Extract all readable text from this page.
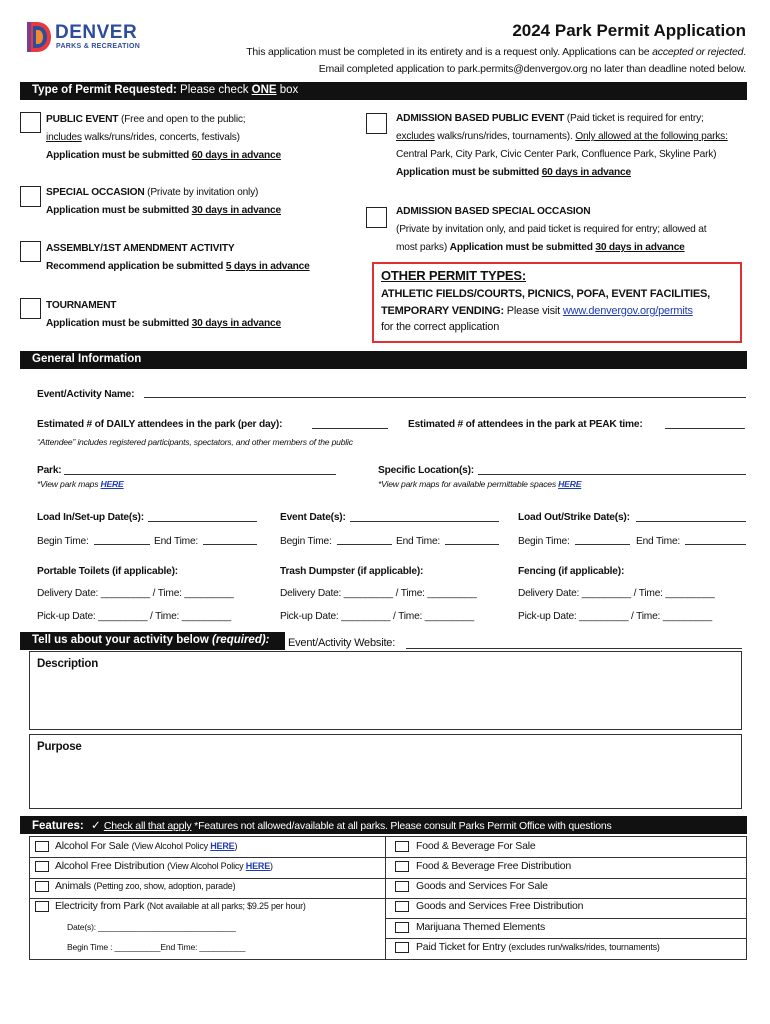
DENVER
PARKS & RECREATION
2024 Park Permit Application
This application must be completed in its entirety and is a request only. Applications can be accepted or rejected.
Email completed application to park.permits@denvergov.org no later than deadline noted below.
Type of Permit Requested: Please check ONE box
PUBLIC EVENT (Free and open to the public;
includes walks/runs/rides, concerts, festivals)
Application must be submitted 60 days in advance
SPECIAL OCCASION (Private by invitation only)
Application must be submitted 30 days in advance
ASSEMBLY/1ST AMENDMENT ACTIVITY
Recommend application be submitted 5 days in advance
TOURNAMENT
Application must be submitted 30 days in advance
ADMISSION BASED PUBLIC EVENT (Paid ticket is required for entry;
excludes walks/runs/rides, tournaments). Only allowed at the following parks:
Central Park, City Park, Civic Center Park, Confluence Park, Skyline Park)
Application must be submitted 60 days in advance
ADMISSION BASED SPECIAL OCCASION
(Private by invitation only, and paid ticket is required for entry; allowed at
most parks) Application must be submitted 30 days in advance
OTHER PERMIT TYPES:
ATHLETIC FIELDS/COURTS, PICNICS, POFA, EVENT FACILITIES,
TEMPORARY VENDING: Please visit www.denvergov.org/permits
for the correct application
General Information
Event/Activity Name:
Estimated # of DAILY attendees in the park (per day):	Estimated # of attendees in the park at PEAK time:
“Attendee” includes registered participants, spectators, and other members of the public
Park:
*View park maps HERE
Specific Location(s):
*View park maps for available permittable spaces HERE
Load In/Set-up Date(s):	Event Date(s):	Load Out/Strike Date(s):
Begin Time:	End Time:	Begin Time:	End Time:	Begin Time:	End Time:
Portable Toilets (if applicable):	Trash Dumpster (if applicable):	Fencing (if applicable):
Delivery Date: _________ / Time: _________	Delivery Date: _________ / Time: _________	Delivery Date: _________ / Time: _________
Pick-up Date: _________ / Time: _________	Pick-up Date: _________ / Time: _________	Pick-up Date: _________ / Time: _________
Tell us about your activity below (required):	Event/Activity Website:
Description
Purpose
Features: ✓ Check all that apply *Features not allowed/available at all parks. Please consult Parks Permit Office with questions
Alcohol For Sale (View Alcohol Policy HERE)
Alcohol Free Distribution (View Alcohol Policy HERE)
Animals (Petting zoo, show, adoption, parade)
Electricity from Park (Not available at all parks; $9.25 per hour)
Date(s): ______________________________
Begin Time : __________End Time: __________
Food & Beverage For Sale
Food & Beverage Free Distribution
Goods and Services For Sale
Goods and Services Free Distribution
Marijuana Themed Elements
Paid Ticket for Entry (excludes run/walks/rides, tournaments)
